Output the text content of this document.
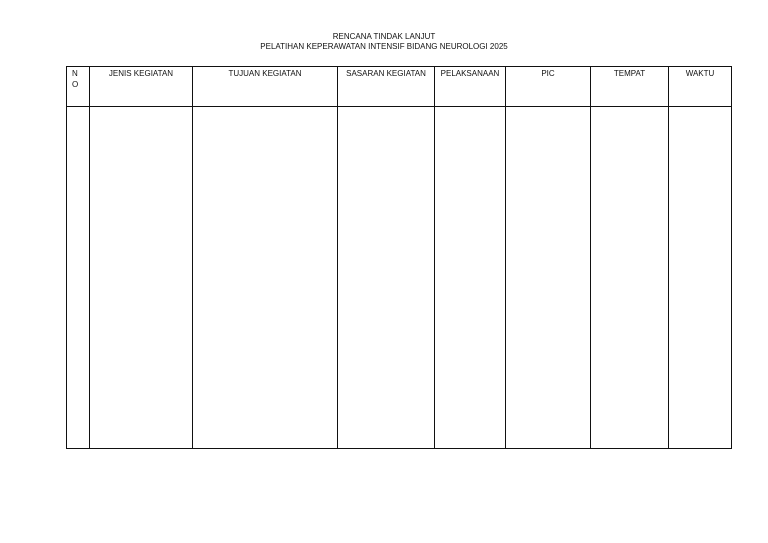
RENCANA TINDAK LANJUT
PELATIHAN KEPERAWATAN INTENSIF BIDANG NEUROLOGI 2025
NO	JENIS KEGIATAN	TUJUAN KEGIATAN	SASARAN KEGIATAN	PELAKSANAAN	PIC	TEMPAT	WAKTU
